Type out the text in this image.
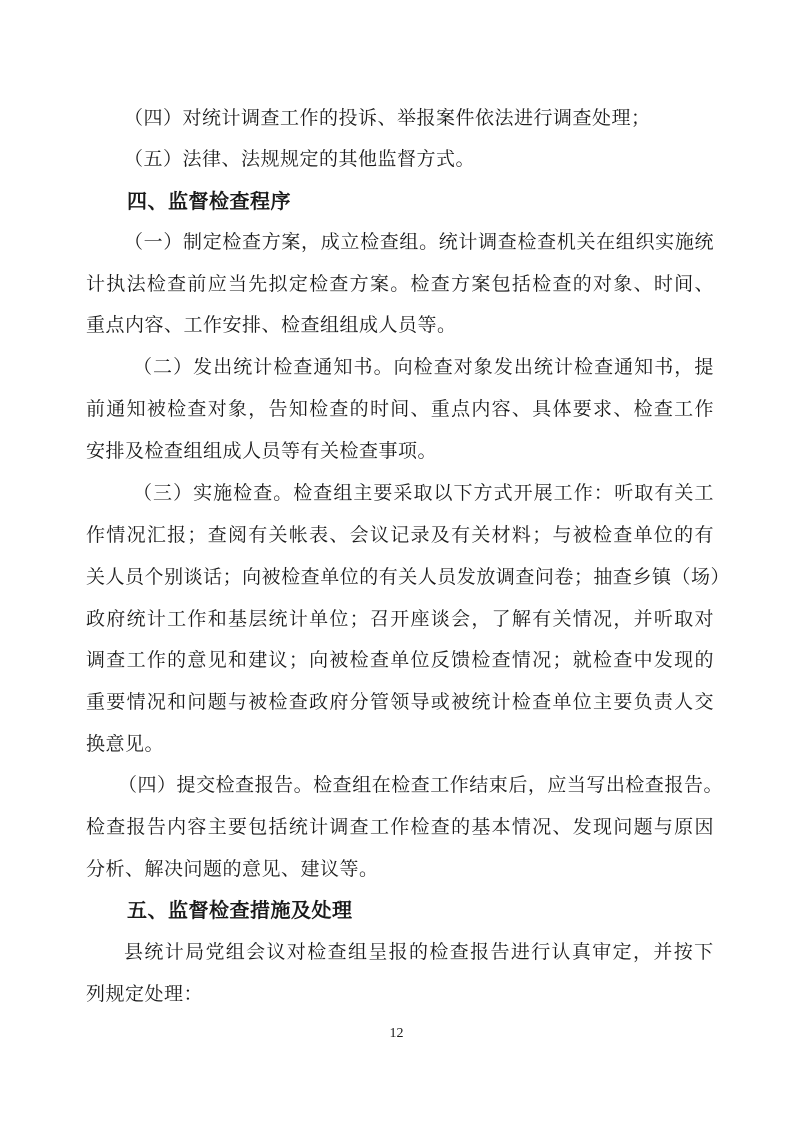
（四）对统计调查工作的投诉、举报案件依法进行调查处理；
（五）法律、法规规定的其他监督方式。
四、监督检查程序
（ 一 ） 制 定 检 查 方 案 ， 成 立 检 查 组 。 统 计 调 查 检 查 机 关 在 组 织 实 施 统
计 执 法 检 查 前 应 当 先 拟 定 检 查 方 案 。 检 查 方 案 包 括 检 查 的 对 象 、 时 间 、
重点内容、工作安排、检查组组成人员等。
（ 二 ） 发 出 统 计 检 查 通 知 书 。 向 检 查 对 象 发 出 统 计 检 查 通 知 书 ， 提
前 通 知 被 检 查 对 象 ， 告 知 检 查 的 时 间 、 重 点 内 容 、 具 体 要 求 、 检 查 工 作
安排及检查组组成人员等有关检查事项。
（ 三 ） 实 施 检 查 。 检 查 组 主 要 采 取 以 下 方 式 开 展 工 作 ： 听 取 有 关 工
作 情 况 汇 报 ； 查 阅 有 关 帐 表 、 会 议 记 录 及 有 关 材 料 ； 与 被 检 查 单 位 的 有
关 人 员 个 别 谈 话 ； 向 被 检 查 单 位 的 有 关 人 员 发 放 调 查 问 卷 ； 抽 查 乡 镇 （ 场 ）
政 府 统 计 工 作 和 基 层 统 计 单 位 ； 召 开 座 谈 会 ， 了 解 有 关 情 况 ， 并 听 取 对
调 查 工 作 的 意 见 和 建 议 ； 向 被 检 查 单 位 反 馈 检 查 情 况 ； 就 检 查 中 发 现 的
重 要 情 况 和 问 题 与 被 检 查 政 府 分 管 领 导 或 被 统 计 检 查 单 位 主 要 负 责 人 交
换意见。
（ 四 ） 提 交 检 查 报 告 。 检 查 组 在 检 查 工 作 结 束 后 ， 应 当 写 出 检 查 报 告 。
检 查 报 告 内 容 主 要 包 括 统 计 调 查 工 作 检 查 的 基 本 情 况 、 发 现 问 题 与 原 因
分析、解决问题的意见、建议等。
五、监督检查措施及处理
县 统 计 局 党 组 会 议 对 检 查 组 呈 报 的 检 查 报 告 进 行 认 真 审 定 ， 并 按 下
列规定处理：
12
